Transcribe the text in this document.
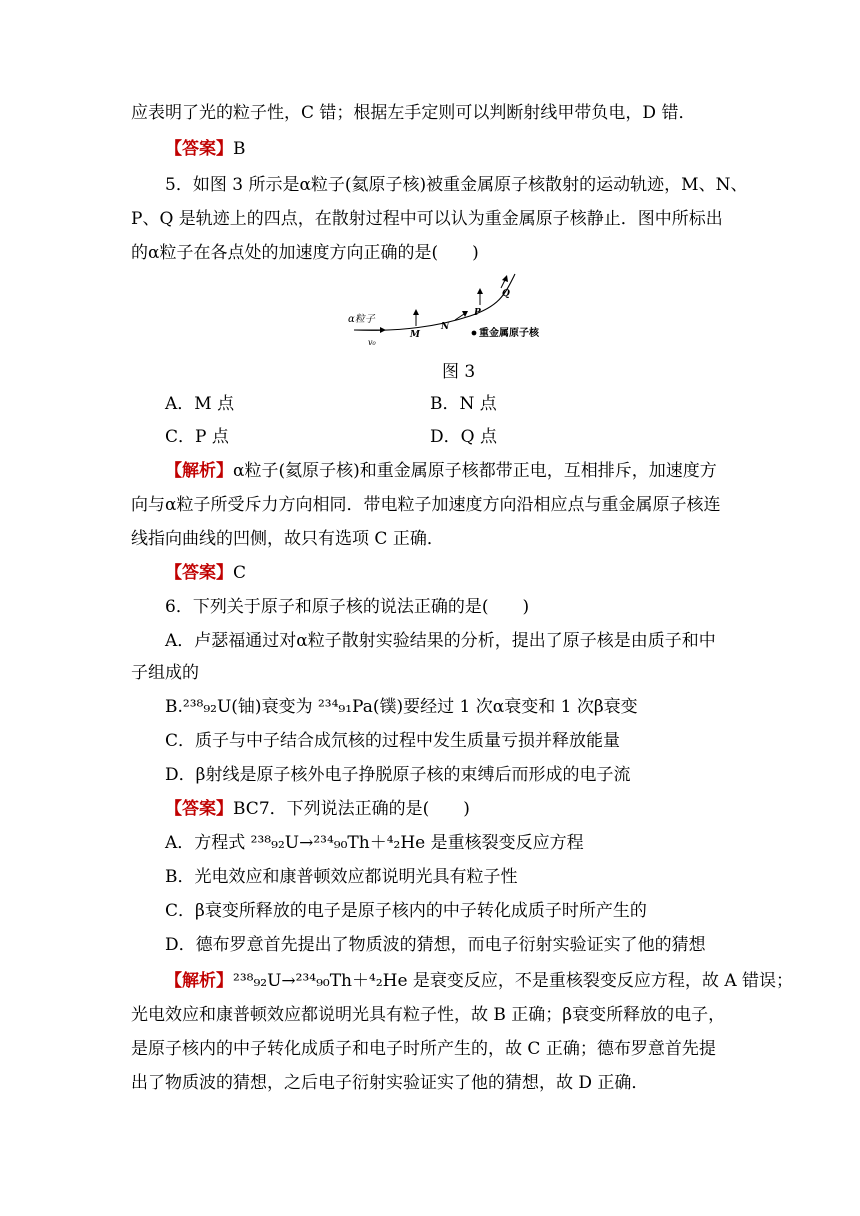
应表明了光的粒子性，C 错；根据左手定则可以判断射线甲带负电，D 错．
【答案】B
5．如图 3 所示是α粒子(氦原子核)被重金属原子核散射的运动轨迹，M、N、
P、Q 是轨迹上的四点，在散射过程中可以认为重金属原子核静止．图中所标出
的α粒子在各点处的加速度方向正确的是(　　)
α粒子
v₀
M
N
P
Q
重金属原子核
图 3
A．M 点	B．N 点
C．P 点	D．Q 点
【解析】α粒子(氦原子核)和重金属原子核都带正电，互相排斥，加速度方
向与α粒子所受斥力方向相同．带电粒子加速度方向沿相应点与重金属原子核连
线指向曲线的凹侧，故只有选项 C 正确．
【答案】C
6．下列关于原子和原子核的说法正确的是(　　)
A．卢瑟福通过对α粒子散射实验结果的分析，提出了原子核是由质子和中
子组成的
B.²³⁸₉₂U(铀)衰变为 ²³⁴₉₁Pa(镤)要经过 1 次α衰变和 1 次β衰变
C．质子与中子结合成氘核的过程中发生质量亏损并释放能量
D．β射线是原子核外电子挣脱原子核的束缚后而形成的电子流
【答案】BC7．下列说法正确的是(　　)
A．方程式 ²³⁸₉₂U→²³⁴₉₀Th＋⁴₂He 是重核裂变反应方程
B．光电效应和康普顿效应都说明光具有粒子性
C．β衰变所释放的电子是原子核内的中子转化成质子时所产生的
D．德布罗意首先提出了物质波的猜想，而电子衍射实验证实了他的猜想
【解析】²³⁸₉₂U→²³⁴₉₀Th＋⁴₂He 是衰变反应，不是重核裂变反应方程，故 A 错误；
光电效应和康普顿效应都说明光具有粒子性，故 B 正确；β衰变所释放的电子，
是原子核内的中子转化成质子和电子时所产生的，故 C 正确；德布罗意首先提
出了物质波的猜想，之后电子衍射实验证实了他的猜想，故 D 正确．
